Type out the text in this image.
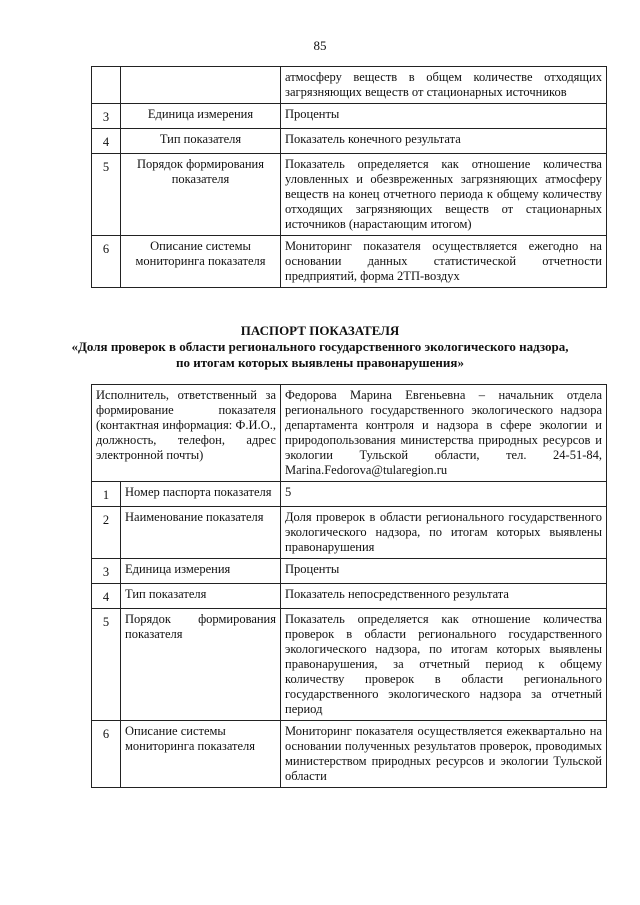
85
		атмосферу веществ в общем количестве отходящих загрязняющих веществ от стационарных источников
3	Единица измерения	Проценты
4	Тип показателя	Показатель конечного результата
5	Порядок формирования показателя	Показатель определяется как отношение количества уловленных и обезвреженных загрязняющих атмосферу веществ на конец отчетного периода к общему количеству отходящих загрязняющих веществ от стационарных источников (нарастающим итогом)
6	Описание системы мониторинга показателя	Мониторинг показателя осуществляется ежегодно на основании данных статистической отчетности предприятий, форма 2ТП-воздух
ПАСПОРТ ПОКАЗАТЕЛЯ
«Доля проверок в области регионального государственного экологического надзора,
по итогам которых выявлены правонарушения»
Исполнитель, ответственный за формирование показателя (контактная информация: Ф.И.О., должность, телефон, адрес электронной почты)		Федорова Марина Евгеньевна – начальник отдела регионального государственного экологического надзора департамента контроля и надзора в сфере экологии и природопользования министерства природных ресурсов и экологии Тульской области, тел. 24-51-84, Marina.Fedorova@tularegion.ru
1	Номер паспорта показателя	5
2	Наименование показателя	Доля проверок в области регионального государственного экологического надзора, по итогам которых выявлены правонарушения
3	Единица измерения	Проценты
4	Тип показателя	Показатель непосредственного результата
5	Порядок формирования показателя	Показатель определяется как отношение количества проверок в области регионального государственного экологического надзора, по итогам которых выявлены правонарушения, за отчетный период к общему количеству проверок в области регионального государственного экологического надзора за отчетный период
6	Описание системы мониторинга показателя	Мониторинг показателя осуществляется ежеквартально на основании полученных результатов проверок, проводимых министерством природных ресурсов и экологии Тульской области
